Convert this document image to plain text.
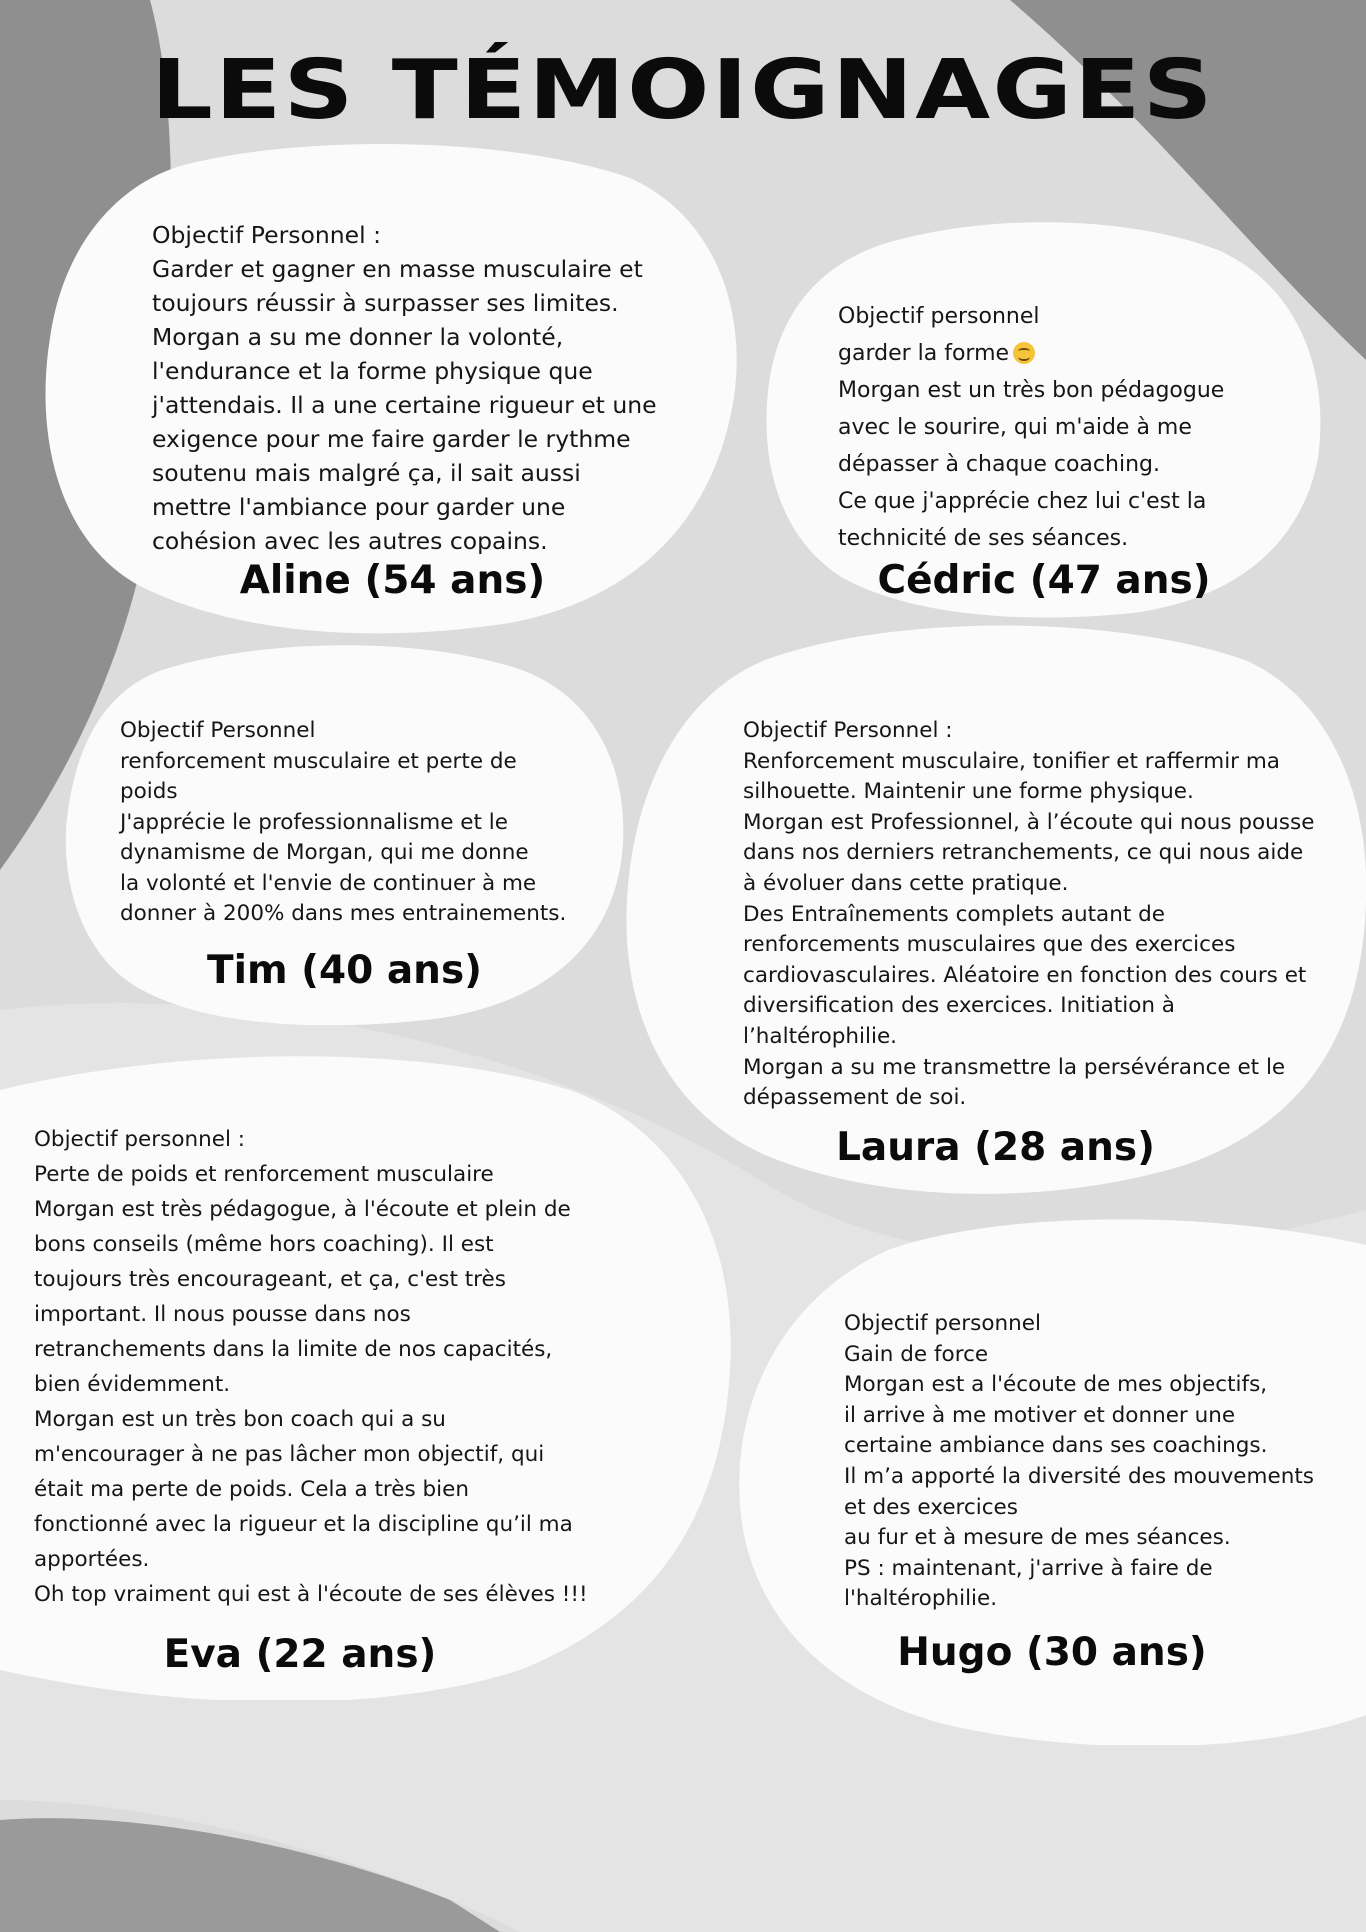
LES TÉMOIGNAGES

Objectif Personnel :
Garder et gagner en masse musculaire et
toujours réussir à surpasser ses limites.
Morgan a su me donner la volonté,
l'endurance et la forme physique que
j'attendais. Il a une certaine rigueur et une
exigence pour me faire garder le rythme
soutenu mais malgré ça, il sait aussi
mettre l'ambiance pour garder une
cohésion avec les autres copains.

Aline (54 ans)

Objectif personnel
garder la forme

Morgan est un très bon pédagogue
avec le sourire, qui m'aide à me
dépasser à chaque coaching.
Ce que j'apprécie chez lui c'est la
technicité de ses séances.

Cédric (47 ans)

Objectif Personnel
renforcement musculaire et perte de
poids
J'apprécie le professionnalisme et le
dynamisme de Morgan, qui me donne
la volonté et l'envie de continuer à me
donner à 200% dans mes entrainements.

Tim (40 ans)

Objectif Personnel :
Renforcement musculaire, tonifier et raffermir ma
silhouette. Maintenir une forme physique.
Morgan est Professionnel, à l’écoute qui nous pousse
dans nos derniers retranchements, ce qui nous aide
à évoluer dans cette pratique.
Des Entraînements complets autant de
renforcements musculaires que des exercices
cardiovasculaires. Aléatoire en fonction des cours et
diversification des exercices. Initiation à
l’haltérophilie.
Morgan a su me transmettre la persévérance et le
dépassement de soi.

Laura (28 ans)

Objectif personnel :
Perte de poids et renforcement musculaire
Morgan est très pédagogue, à l'écoute et plein de
bons conseils (même hors coaching). Il est
toujours très encourageant, et ça, c'est très
important. Il nous pousse dans nos
retranchements dans la limite de nos capacités,
bien évidemment.
Morgan est un très bon coach qui a su
m'encourager à ne pas lâcher mon objectif, qui
était ma perte de poids. Cela a très bien
fonctionné avec la rigueur et la discipline qu’il ma
apportées.
Oh top vraiment qui est à l'écoute de ses élèves !!!

Eva (22 ans)

Objectif personnel
Gain de force
Morgan est a l'écoute de mes objectifs,
il arrive à me motiver et donner une
certaine ambiance dans ses coachings.
Il m’a apporté la diversité des mouvements
et des exercices
au fur et à mesure de mes séances.
PS : maintenant, j'arrive à faire de
l'haltérophilie.

Hugo (30 ans)
